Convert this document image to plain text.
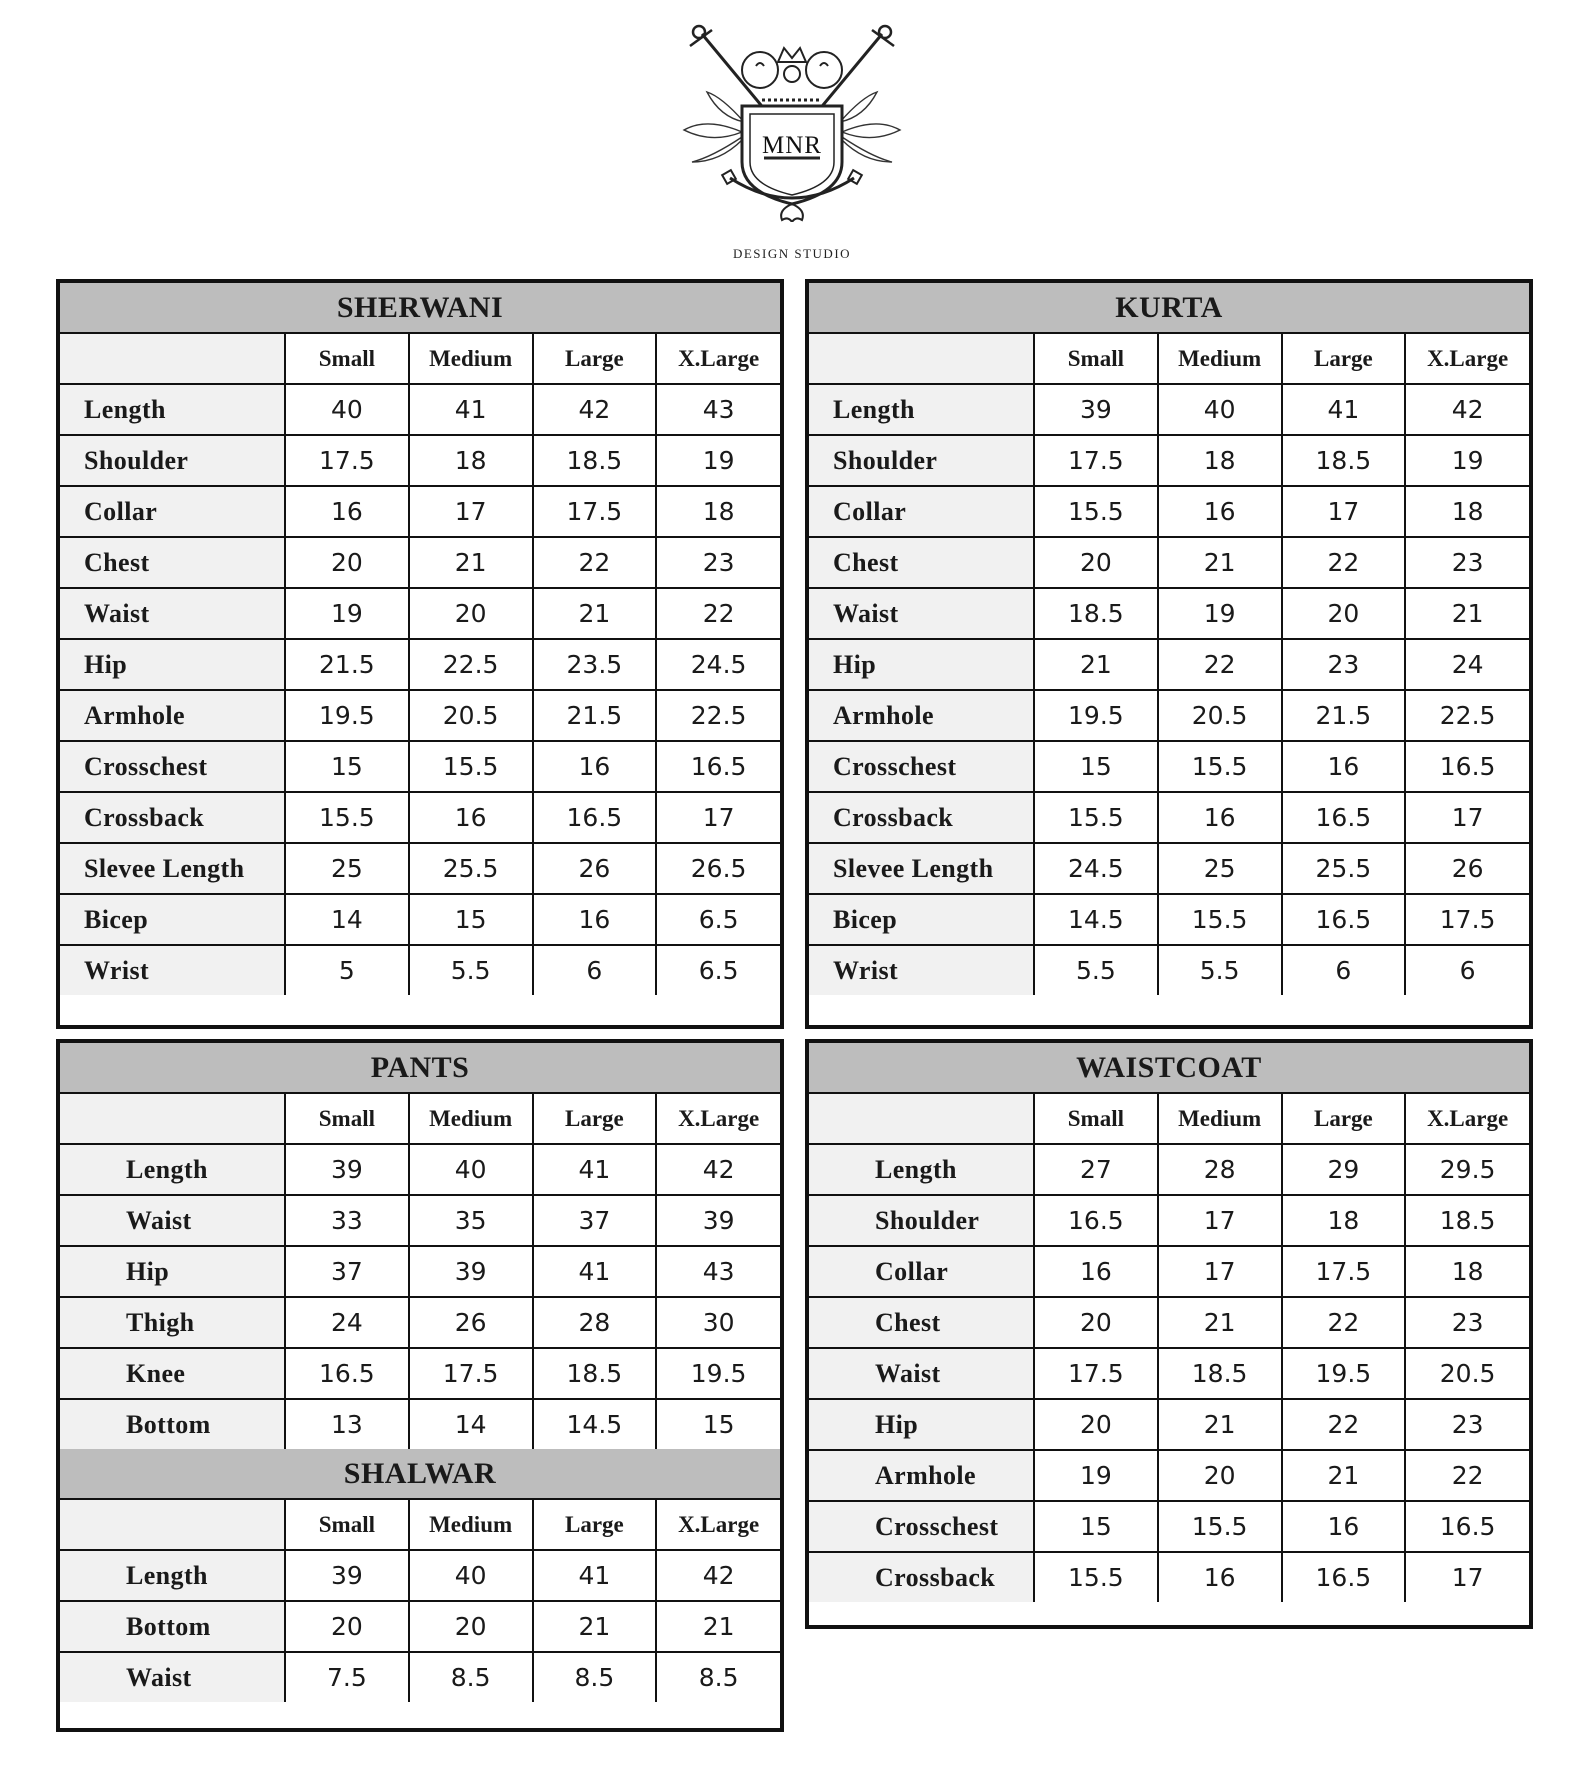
MNR
DESIGN STUDIO
SHERWANI				
	Small	Medium	Large	X.Large
Length	40	41	42	43
Shoulder	17.5	18	18.5	19
Collar	16	17	17.5	18
Chest	20	21	22	23
Waist	19	20	21	22
Hip	21.5	22.5	23.5	24.5
Armhole	19.5	20.5	21.5	22.5
Crosschest	15	15.5	16	16.5
Crossback	15.5	16	16.5	17
Slevee Length	25	25.5	26	26.5
Bicep	14	15	16	6.5
Wrist	5	5.5	6	6.5
KURTA				
	Small	Medium	Large	X.Large
Length	39	40	41	42
Shoulder	17.5	18	18.5	19
Collar	15.5	16	17	18
Chest	20	21	22	23
Waist	18.5	19	20	21
Hip	21	22	23	24
Armhole	19.5	20.5	21.5	22.5
Crosschest	15	15.5	16	16.5
Crossback	15.5	16	16.5	17
Slevee Length	24.5	25	25.5	26
Bicep	14.5	15.5	16.5	17.5
Wrist	5.5	5.5	6	6
PANTS				
	Small	Medium	Large	X.Large
Length	39	40	41	42
Waist	33	35	37	39
Hip	37	39	41	43
Thigh	24	26	28	30
Knee	16.5	17.5	18.5	19.5
Bottom	13	14	14.5	15
SHALWAR				
	Small	Medium	Large	X.Large
Length	39	40	41	42
Bottom	20	20	21	21
Waist	7.5	8.5	8.5	8.5
WAISTCOAT				
	Small	Medium	Large	X.Large
Length	27	28	29	29.5
Shoulder	16.5	17	18	18.5
Collar	16	17	17.5	18
Chest	20	21	22	23
Waist	17.5	18.5	19.5	20.5
Hip	20	21	22	23
Armhole	19	20	21	22
Crosschest	15	15.5	16	16.5
Crossback	15.5	16	16.5	17
